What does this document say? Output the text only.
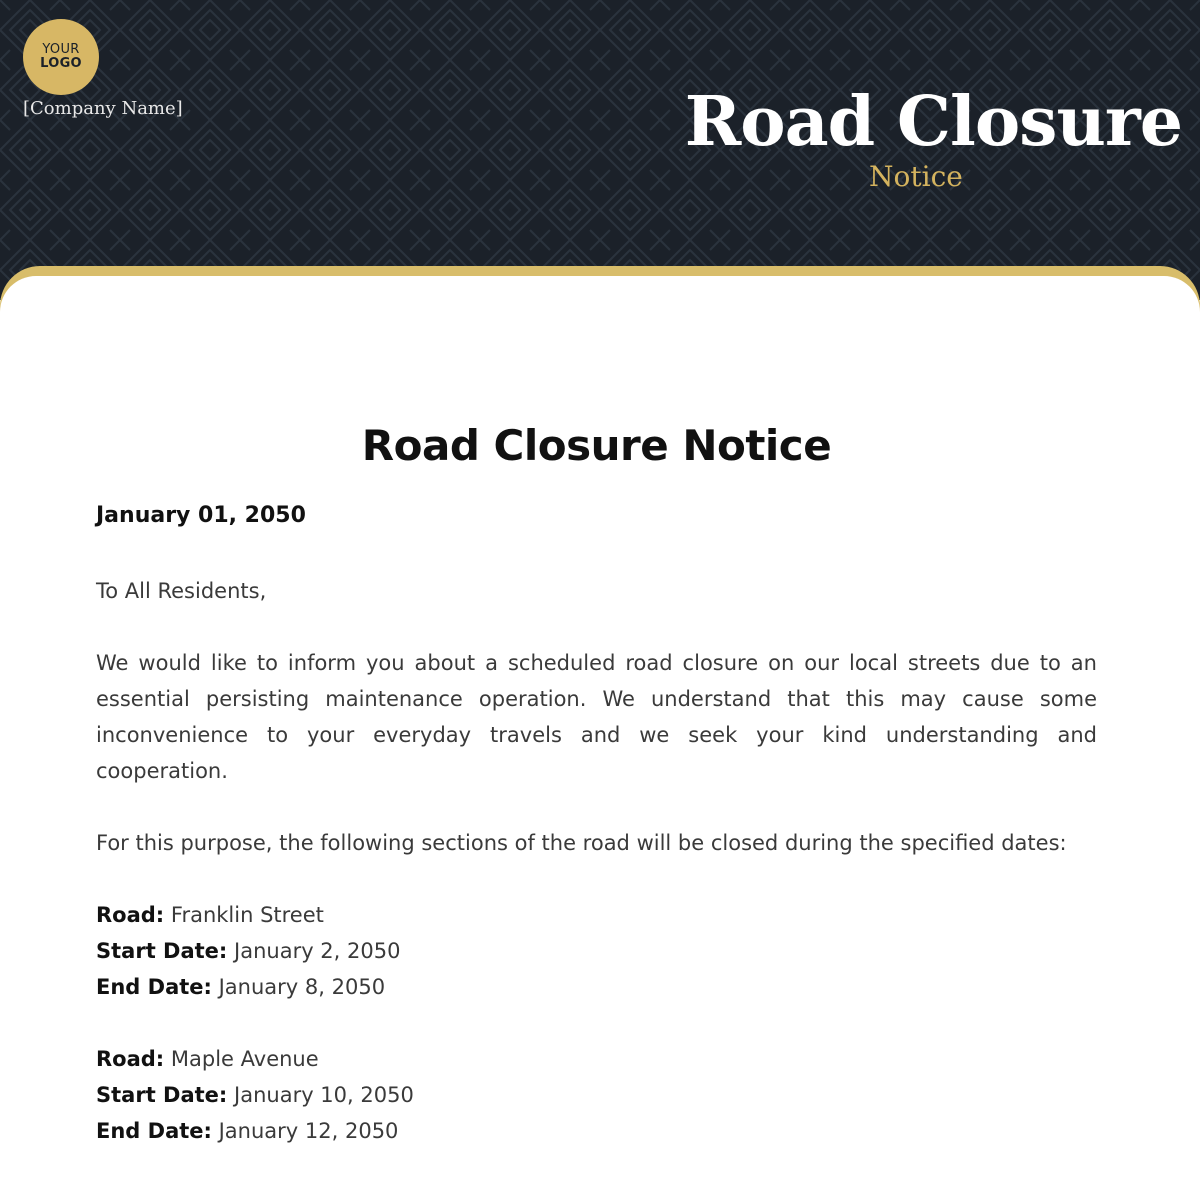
YOUR
LOGO
[Company Name]	Road Closure
Notice
Road Closure Notice
January 01, 2050

To All Residents,

We would like to inform you about a scheduled road closure on our local streets due to an essential persisting maintenance operation. We understand that this may cause some inconvenience to your everyday travels and we seek your kind understanding and cooperation.

For this purpose, the following sections of the road will be closed during the specified dates:

Road: Franklin Street
Start Date: January 2, 2050
End Date: January 8, 2050
Road: Maple Avenue
Start Date: January 10, 2050
End Date: January 12, 2050
